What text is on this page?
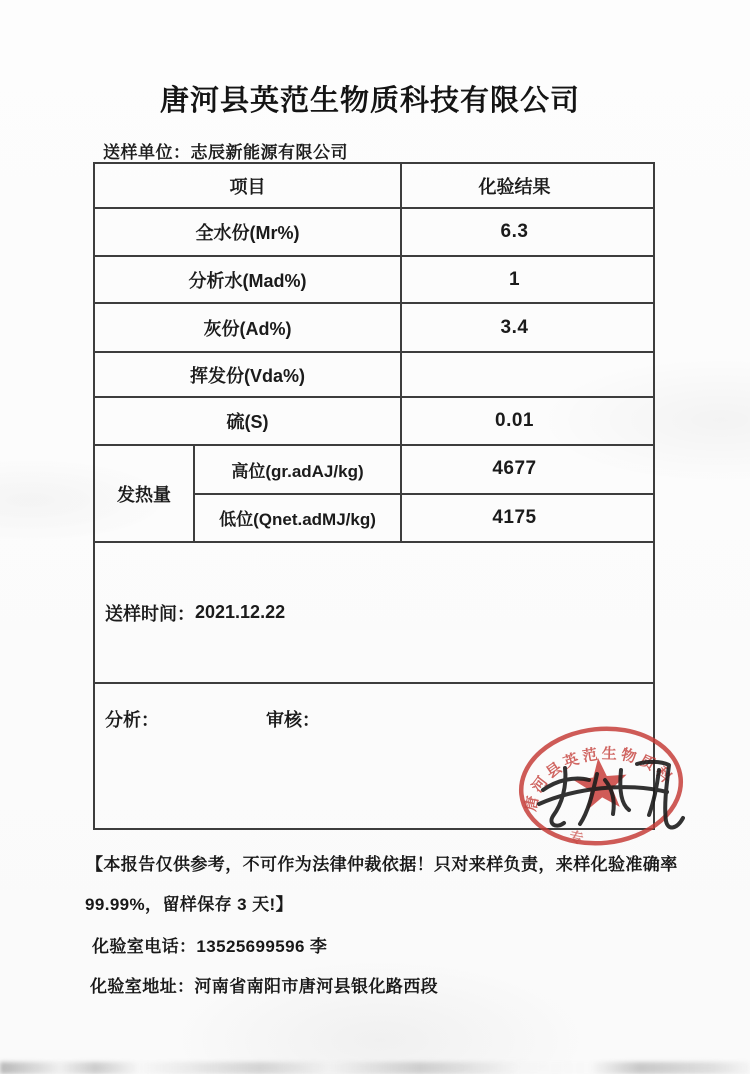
唐河县英范生物质科技有限公司
送样单位：志辰新能源有限公司
项目	化验结果
全水份(Mr%)	6.3
分析水(Mad%)	1
灰份(Ad%)	3.4
挥发份(Vda%)
硫(S)	0.01
发热量
高位(gr.adAJ/kg)	4677
低位(Qnet.adMJ/kg)	4175
送样时间： 2021.12.22
分析：	审核：
唐河县英范生物质科
专
【本报告仅供参考，不可作为法律仲裁依据！只对来样负责，来样化验准确率
99.99%，留样保存 3 天!】
化验室电话：13525699596 李
化验室地址：河南省南阳市唐河县银化路西段
